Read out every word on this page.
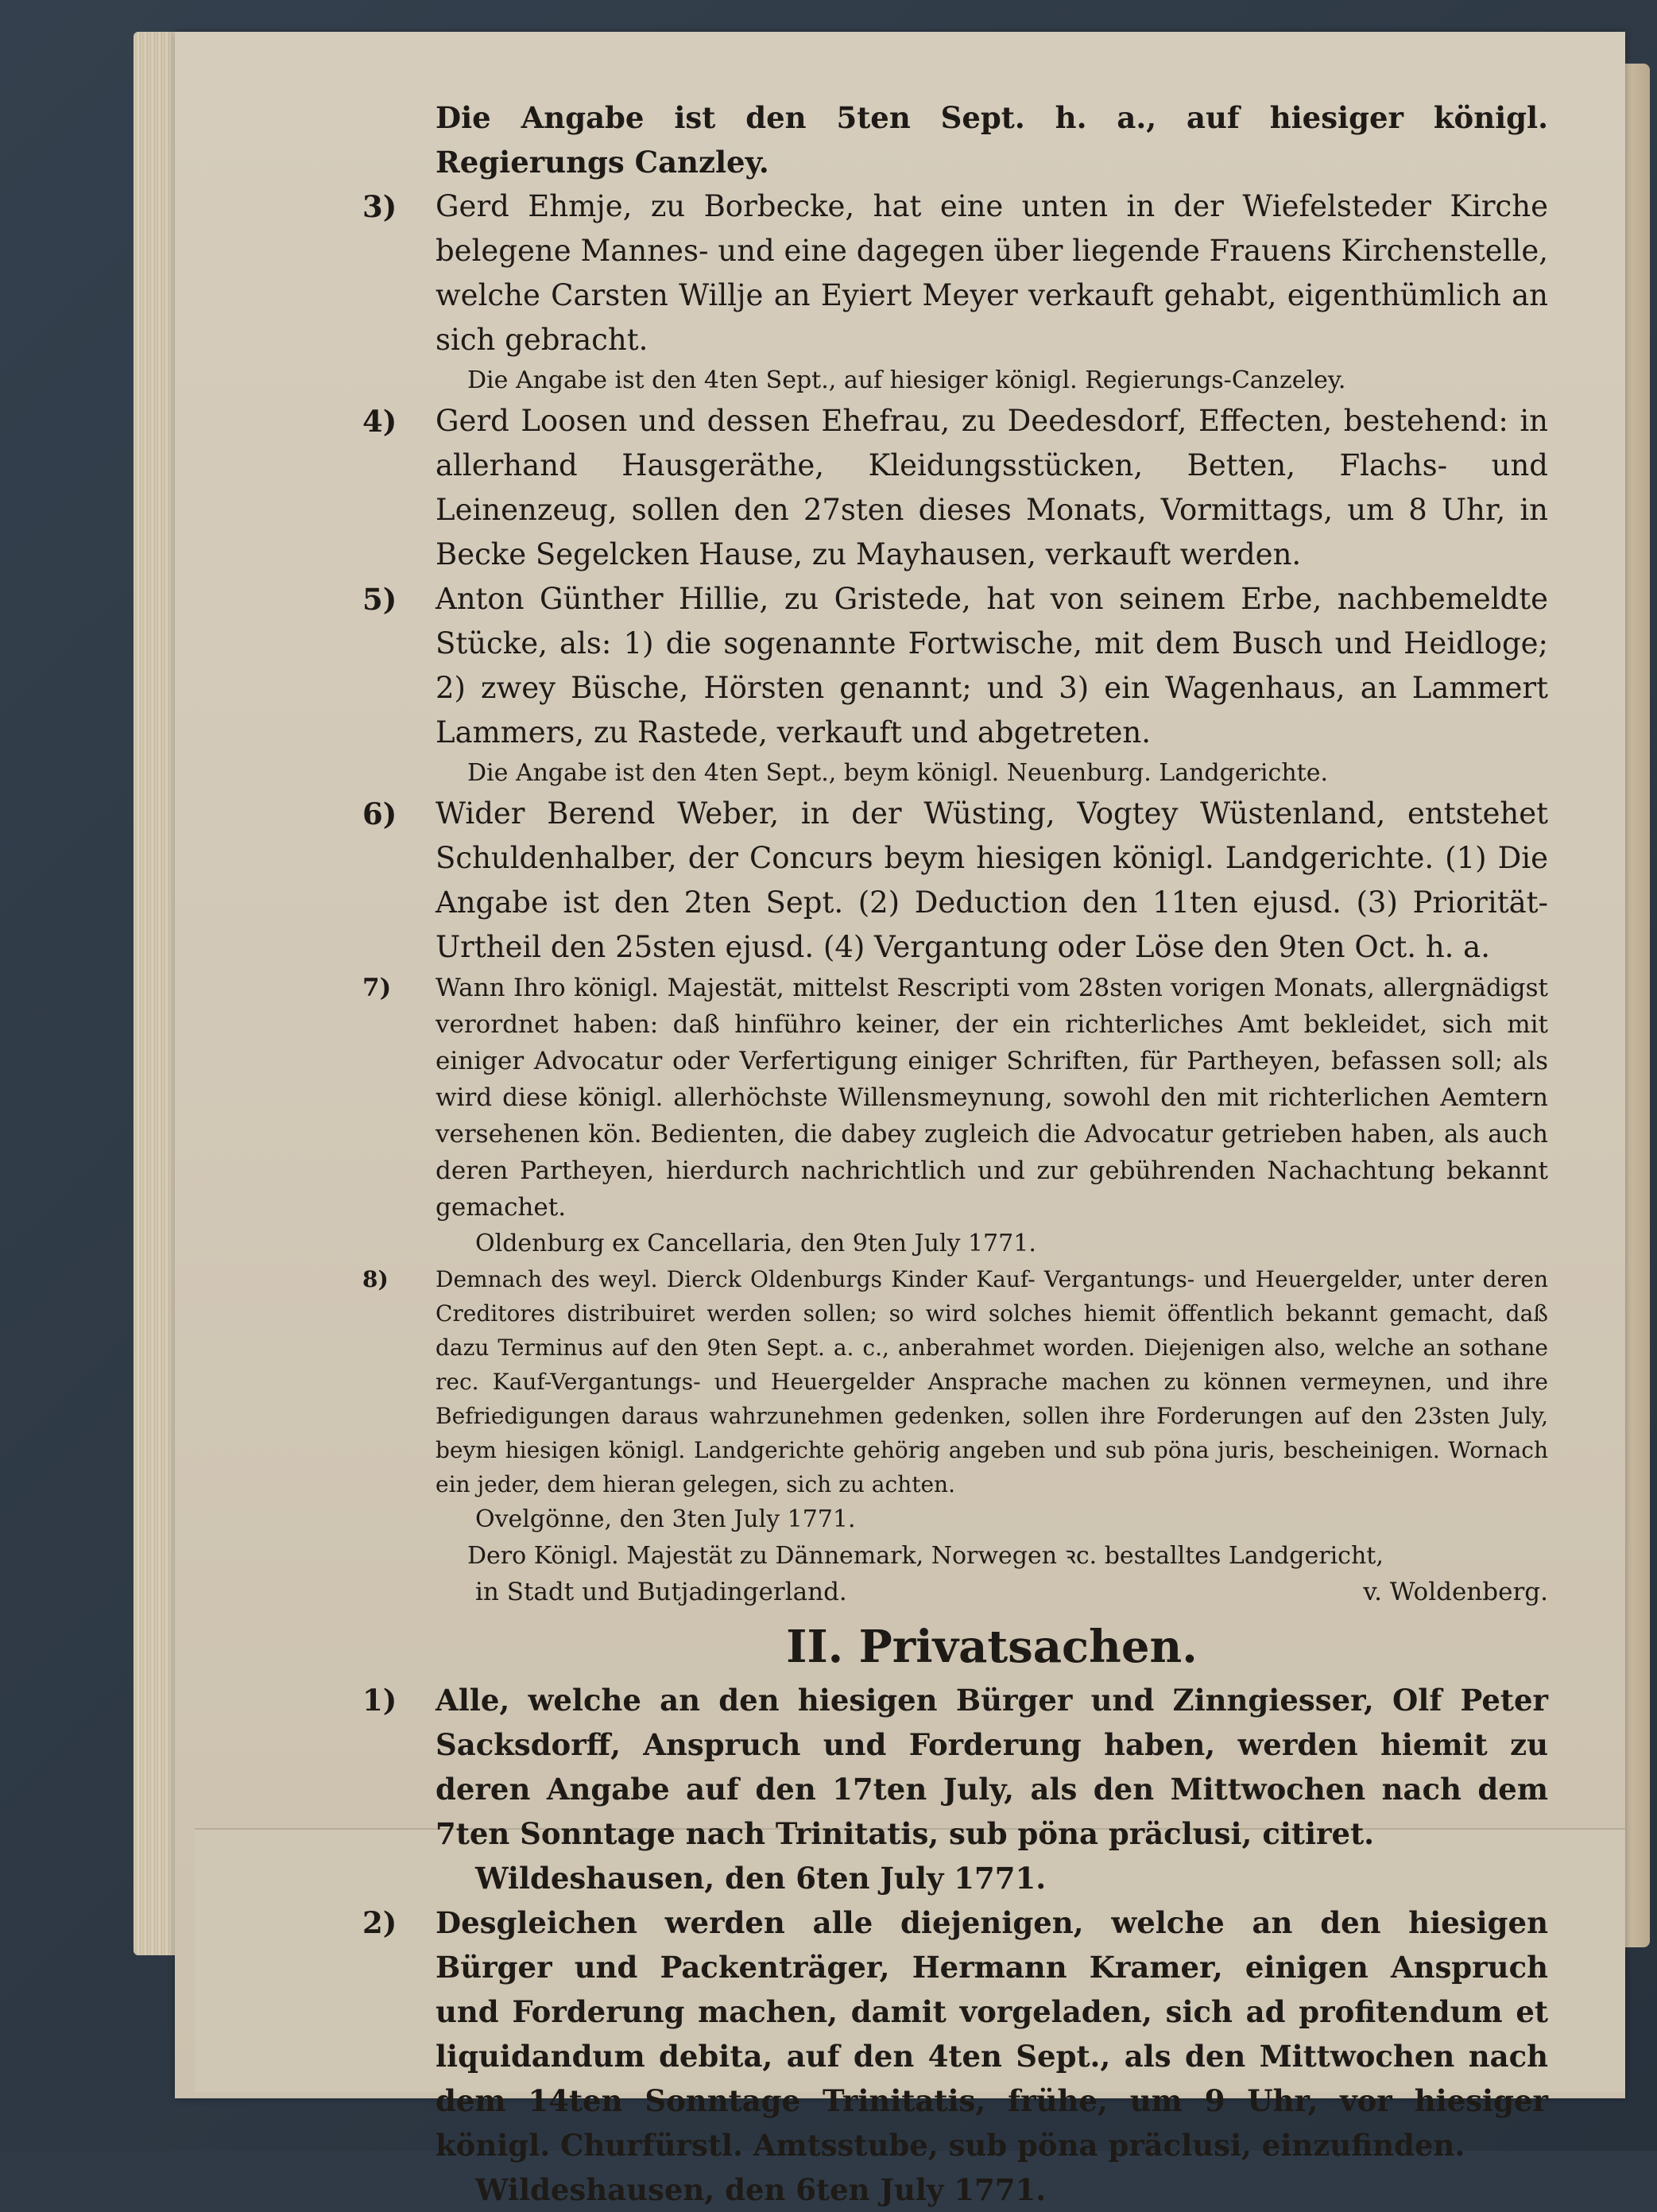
Die Angabe ist den 5ten Sept. h. a., auf hiesiger königl. Regierungs Canzley.

3) Gerd Ehmje, zu Borbecke, hat eine unten in der Wiefelsteder Kirche belegene Mannes- und eine dagegen über liegende Frauens Kirchenstelle, welche Carsten Willje an Eyiert Meyer verkauft gehabt, eigenthümlich an sich gebracht.

Die Angabe ist den 4ten Sept., auf hiesiger königl. Regierungs-Canzeley.

4) Gerd Loosen und dessen Ehefrau, zu Deedesdorf, Effecten, bestehend: in allerhand Hausgeräthe, Kleidungsstücken, Betten, Flachs- und Leinenzeug, sollen den 27sten dieses Monats, Vormittags, um 8 Uhr, in Becke Segelcken Hause, zu Mayhausen, verkauft werden.

5) Anton Günther Hillie, zu Gristede, hat von seinem Erbe, nachbemeldte Stücke, als: 1) die sogenannte Fortwische, mit dem Busch und Heidloge; 2) zwey Büsche, Hörsten genannt; und 3) ein Wagenhaus, an Lammert Lammers, zu Rastede, verkauft und abgetreten.

Die Angabe ist den 4ten Sept., beym königl. Neuenburg. Landgerichte.

6) Wider Berend Weber, in der Wüsting, Vogtey Wüstenland, entstehet Schuldenhalber, der Concurs beym hiesigen königl. Landgerichte. (1) Die Angabe ist den 2ten Sept. (2) Deduction den 11ten ejusd. (3) Priorität-Urtheil den 25sten ejusd. (4) Vergantung oder Löse den 9ten Oct. h. a.

7) Wann Ihro königl. Majestät, mittelst Rescripti vom 28sten vorigen Monats, allergnädigst verordnet haben: daß hinführo keiner, der ein richterliches Amt bekleidet, sich mit einiger Advocatur oder Verfertigung einiger Schriften, für Partheyen, befassen soll; als wird diese königl. allerhöchste Willensmeynung, sowohl den mit richterlichen Aemtern versehenen kön. Bedienten, die dabey zugleich die Advocatur getrieben haben, als auch deren Partheyen, hierdurch nachrichtlich und zur gebührenden Nachachtung bekannt gemachet.

Oldenburg ex Cancellaria, den 9ten July 1771.

8) Demnach des weyl. Dierck Oldenburgs Kinder Kauf- Vergantungs- und Heuergelder, unter deren Creditores distribuiret werden sollen; so wird solches hiemit öffentlich bekannt gemacht, daß dazu Terminus auf den 9ten Sept. a. c., anberahmet worden. Diejenigen also, welche an sothane rec. Kauf-Vergantungs- und Heuergelder Ansprache machen zu können vermeynen, und ihre Befriedigungen daraus wahrzunehmen gedenken, sollen ihre Forderungen auf den 23sten July, beym hiesigen königl. Landgerichte gehörig angeben und sub pöna juris, bescheinigen. Wornach ein jeder, dem hieran gelegen, sich zu achten.

Ovelgönne, den 3ten July 1771.

Dero Königl. Majestät zu Dännemark, Norwegen ꝛc. bestalltes Landgericht,

in Stadt und Butjadingerland.	v. Woldenberg.
II. Privatsachen.

1) Alle, welche an den hiesigen Bürger und Zinngiesser, Olf Peter Sacksdorff, Anspruch und Forderung haben, werden hiemit zu deren Angabe auf den 17ten July, als den Mittwochen nach dem 7ten Sonntage nach Trinitatis, sub pöna präclusi, citiret.

Wildeshausen, den 6ten July 1771.

2) Desgleichen werden alle diejenigen, welche an den hiesigen Bürger und Packenträger, Hermann Kramer, einigen Anspruch und Forderung machen, damit vorgeladen, sich ad profitendum et liquidandum debita, auf den 4ten Sept., als den Mittwochen nach dem 14ten Sonntage Trinitatis, frühe, um 9 Uhr, vor hiesiger königl. Churfürstl. Amtsstube, sub pöna präclusi, einzufinden.

Wildeshausen, den 6ten July 1771.
